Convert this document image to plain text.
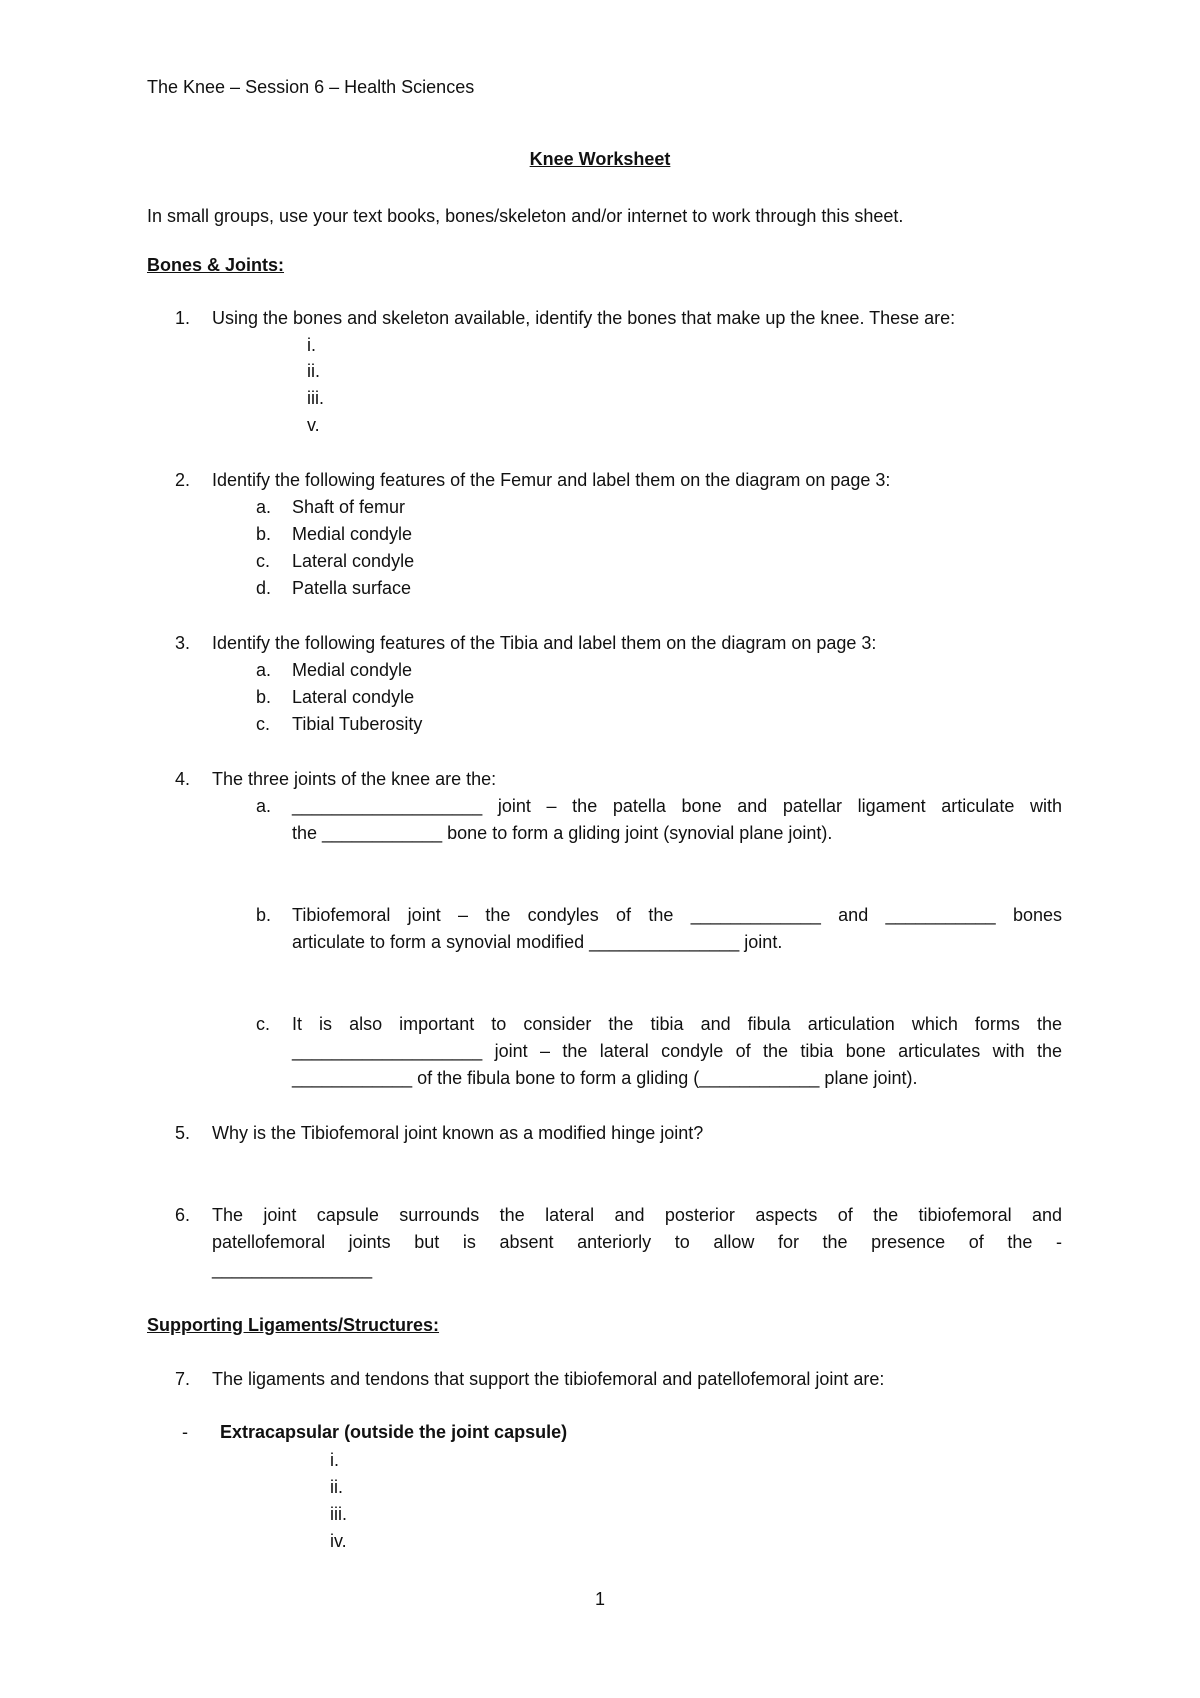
The Knee – Session 6 – Health Sciences
Knee Worksheet
In small groups, use your text books, bones/skeleton and/or internet to work through this sheet.
Bones & Joints:
1. Using the bones and skeleton available, identify the bones that make up the knee. These are:
i.
ii.
iii.
v.
2. Identify the following features of the Femur and label them on the diagram on page 3:
a. Shaft of femur
b. Medial condyle
c. Lateral condyle
d. Patella surface
3. Identify the following features of the Tibia and label them on the diagram on page 3:
a. Medial condyle
b. Lateral condyle
c. Tibial Tuberosity
4. The three joints of the knee are the:
a. ___________________ joint – the patella bone and patellar ligament articulate with
the ____________ bone to form a gliding joint (synovial plane joint).
b. Tibiofemoral joint – the condyles of the _____________ and ___________ bones
articulate to form a synovial modified _______________ joint.
c. It is also important to consider the tibia and fibula articulation which forms the
___________________ joint – the lateral condyle of the tibia bone articulates with the
____________ of the fibula bone to form a gliding (____________ plane joint).
5. Why is the Tibiofemoral joint known as a modified hinge joint?
6. The joint capsule surrounds the lateral and posterior aspects of the tibiofemoral and
patellofemoral joints but is absent anteriorly to allow for the presence of the -
________________
Supporting Ligaments/Structures:
7. The ligaments and tendons that support the tibiofemoral and patellofemoral joint are:
- Extracapsular (outside the joint capsule)
i.
ii.
iii.
iv.
1
